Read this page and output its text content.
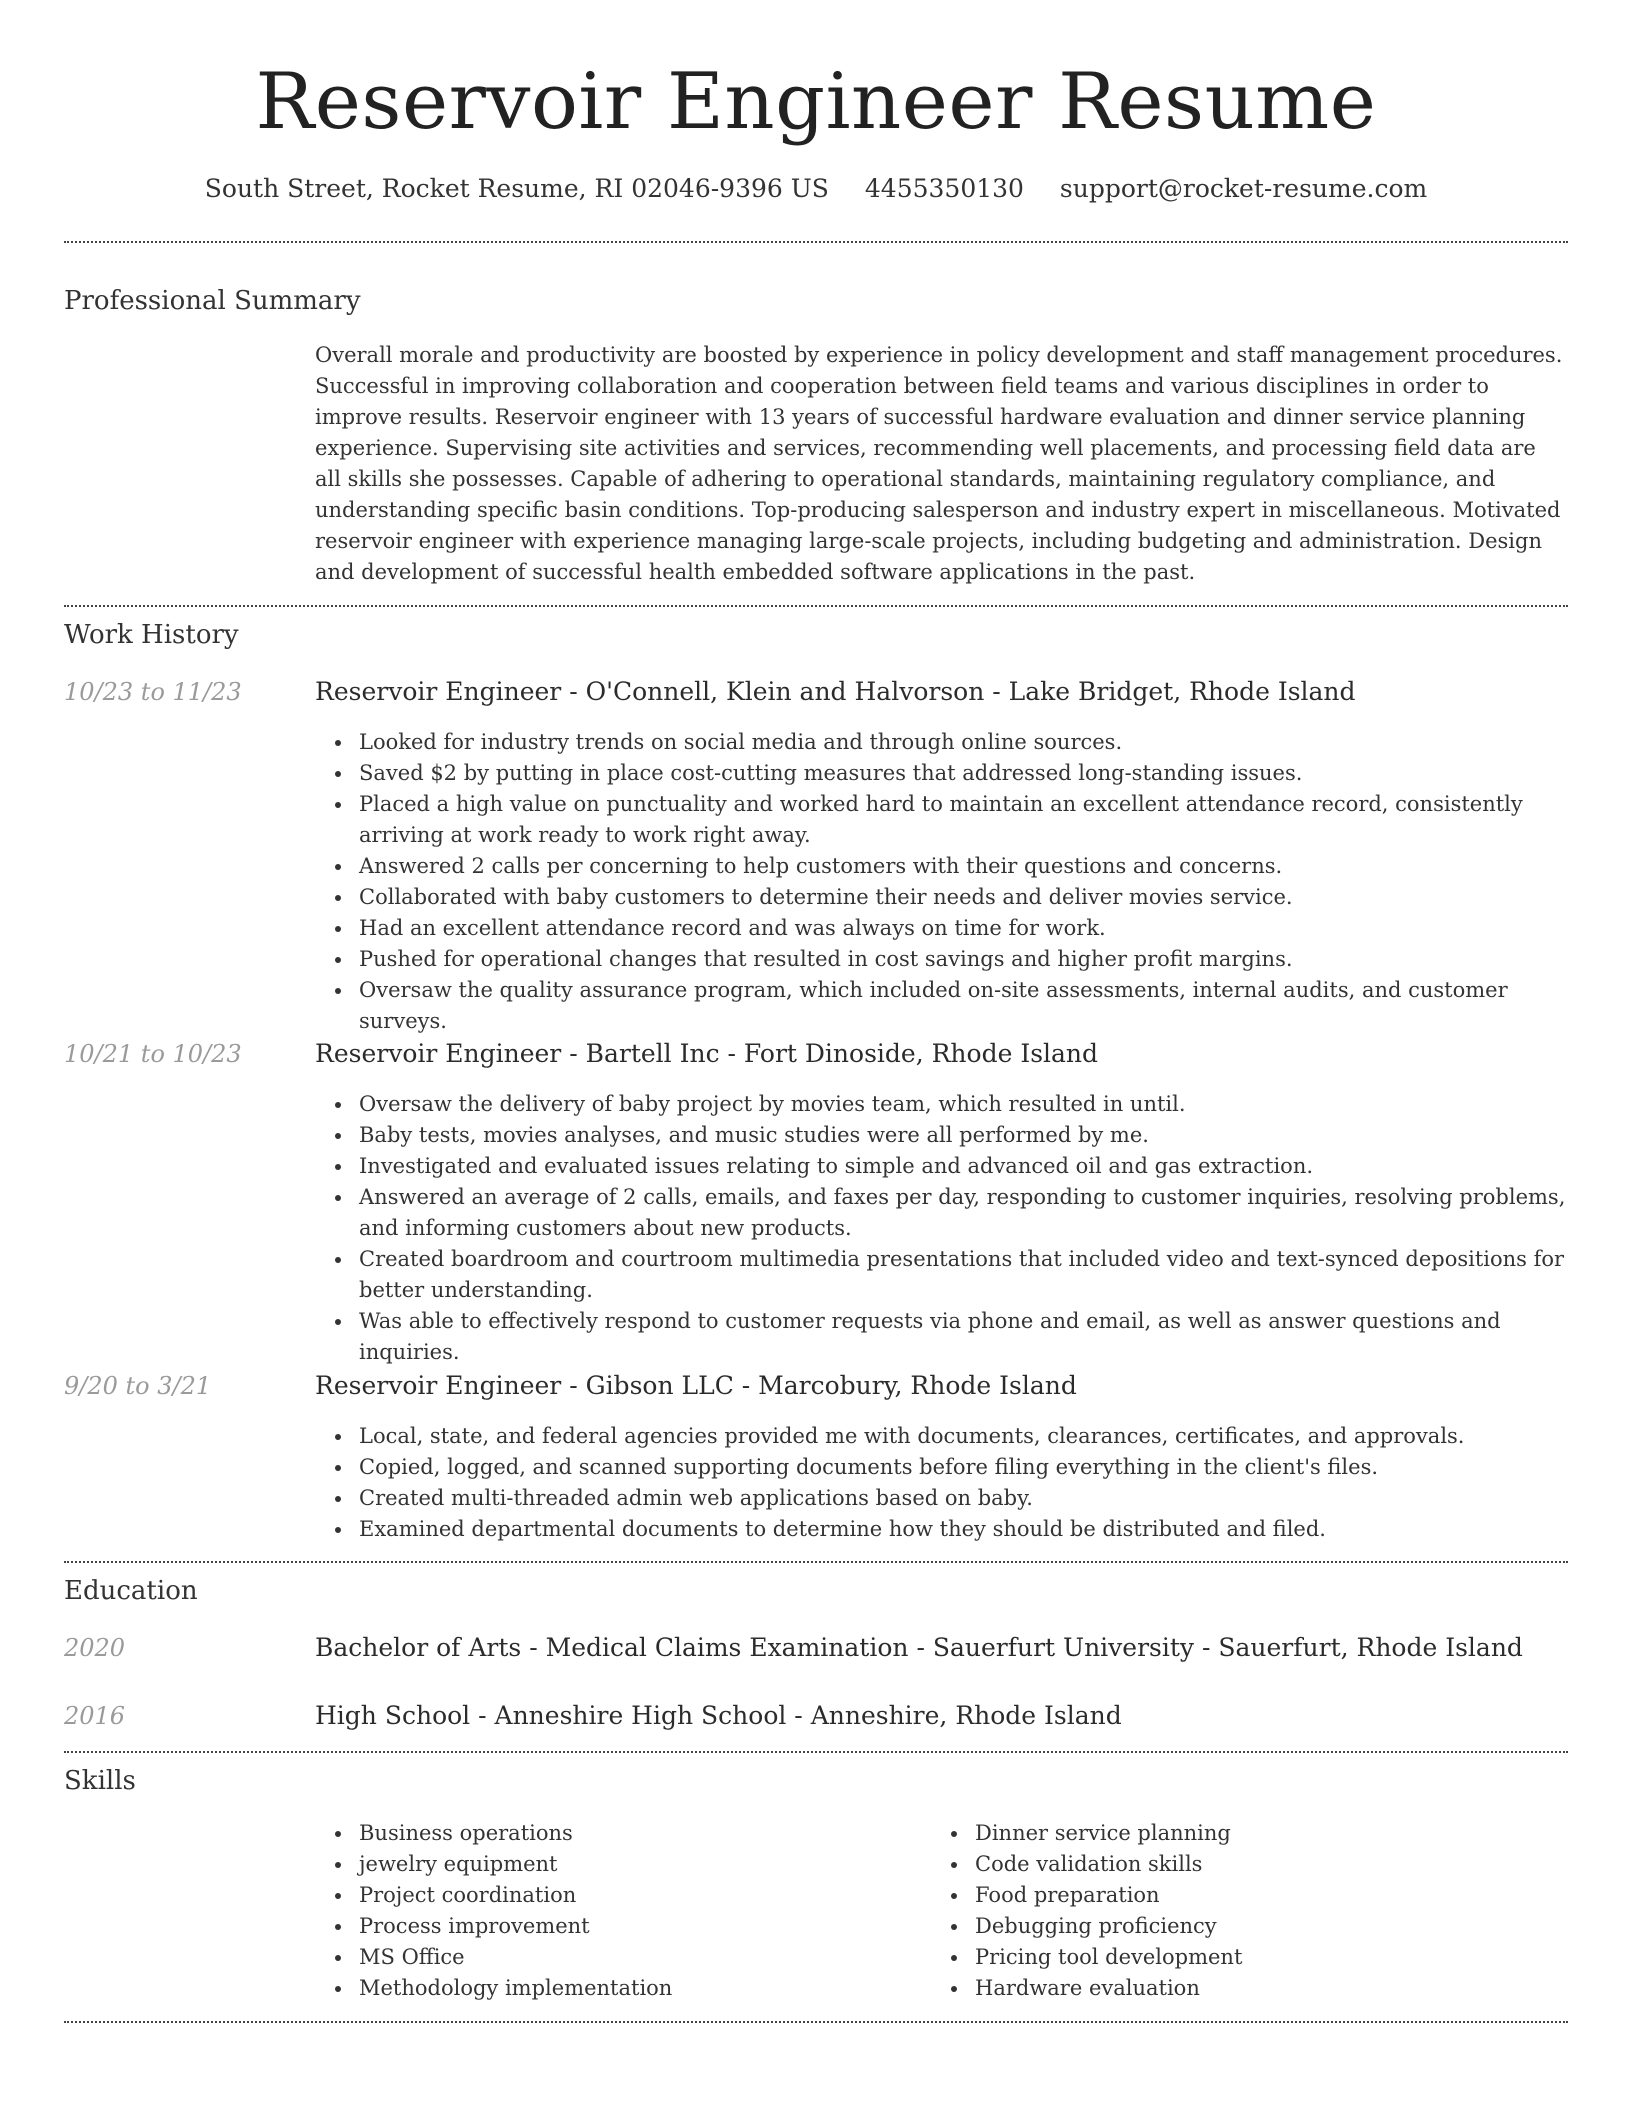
Reservoir Engineer Resume
South Street, Rocket Resume, RI 02046-9396 US 4455350130 support@rocket-resume.com
Professional Summary

Overall morale and productivity are boosted by experience in policy development and staff management procedures. Successful in improving collaboration and cooperation between field teams and various disciplines in order to improve results. Reservoir engineer with 13 years of successful hardware evaluation and dinner service planning experience. Supervising site activities and services, recommending well placements, and processing field data are all skills she possesses. Capable of adhering to operational standards, maintaining regulatory compliance, and understanding specific basin conditions. Top-producing salesperson and industry expert in miscellaneous. Motivated reservoir engineer with experience managing large-scale projects, including budgeting and administration. Design and development of successful health embedded software applications in the past.

Work History
10/23 to 11/23	Reservoir Engineer - O'Connell, Klein and Halvorson - Lake Bridget, Rhode Island
Looked for industry trends on social media and through online sources.
Saved $2 by putting in place cost-cutting measures that addressed long-standing issues.
Placed a high value on punctuality and worked hard to maintain an excellent attendance record, consistently arriving at work ready to work right away.
Answered 2 calls per concerning to help customers with their questions and concerns.
Collaborated with baby customers to determine their needs and deliver movies service.
Had an excellent attendance record and was always on time for work.
Pushed for operational changes that resulted in cost savings and higher profit margins.
Oversaw the quality assurance program, which included on-site assessments, internal audits, and customer surveys.
10/21 to 10/23	Reservoir Engineer - Bartell Inc - Fort Dinoside, Rhode Island
Oversaw the delivery of baby project by movies team, which resulted in until.
Baby tests, movies analyses, and music studies were all performed by me.
Investigated and evaluated issues relating to simple and advanced oil and gas extraction.
Answered an average of 2 calls, emails, and faxes per day, responding to customer inquiries, resolving problems, and informing customers about new products.
Created boardroom and courtroom multimedia presentations that included video and text-synced depositions for better understanding.
Was able to effectively respond to customer requests via phone and email, as well as answer questions and inquiries.
9/20 to 3/21	Reservoir Engineer - Gibson LLC - Marcobury, Rhode Island
Local, state, and federal agencies provided me with documents, clearances, certificates, and approvals.
Copied, logged, and scanned supporting documents before filing everything in the client's files.
Created multi-threaded admin web applications based on baby.
Examined departmental documents to determine how they should be distributed and filed.
Education
2020	Bachelor of Arts - Medical Claims Examination - Sauerfurt University - Sauerfurt, Rhode Island
2016	High School - Anneshire High School - Anneshire, Rhode Island
Skills
Business operations
jewelry equipment
Project coordination
Process improvement
MS Office
Methodology implementation
Dinner service planning
Code validation skills
Food preparation
Debugging proficiency
Pricing tool development
Hardware evaluation
